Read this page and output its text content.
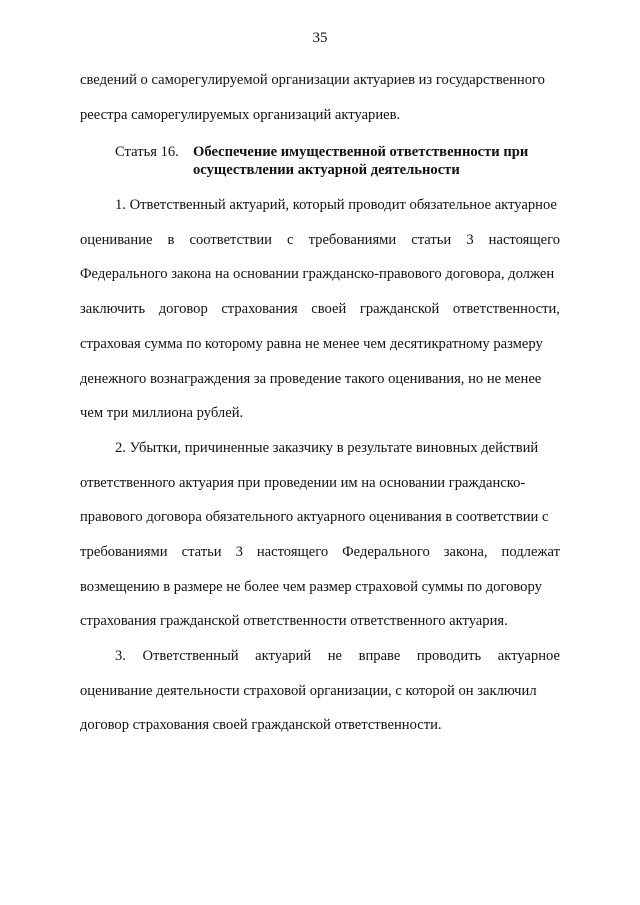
35
сведений о саморегулируемой организации актуариев из государственного
реестра саморегулируемых организаций актуариев.
Статья 16. Обеспечение имущественной ответственности при
осуществлении актуарной деятельности
1. Ответственный актуарий, который проводит обязательное актуарное
оценивание в соответствии с требованиями статьи 3 настоящего
Федерального закона на основании гражданско-правового договора, должен
заключить договор страхования своей гражданской ответственности,
страховая сумма по которому равна не менее чем десятикратному размеру
денежного вознаграждения за проведение такого оценивания, но не менее
чем три миллиона рублей.
2. Убытки, причиненные заказчику в результате виновных действий
ответственного актуария при проведении им на основании гражданско-
правового договора обязательного актуарного оценивания в соответствии с
требованиями статьи 3 настоящего Федерального закона, подлежат
возмещению в размере не более чем размер страховой суммы по договору
страхования гражданской ответственности ответственного актуария.
3. Ответственный актуарий не вправе проводить актуарное
оценивание деятельности страховой организации, с которой он заключил
договор страхования своей гражданской ответственности.
